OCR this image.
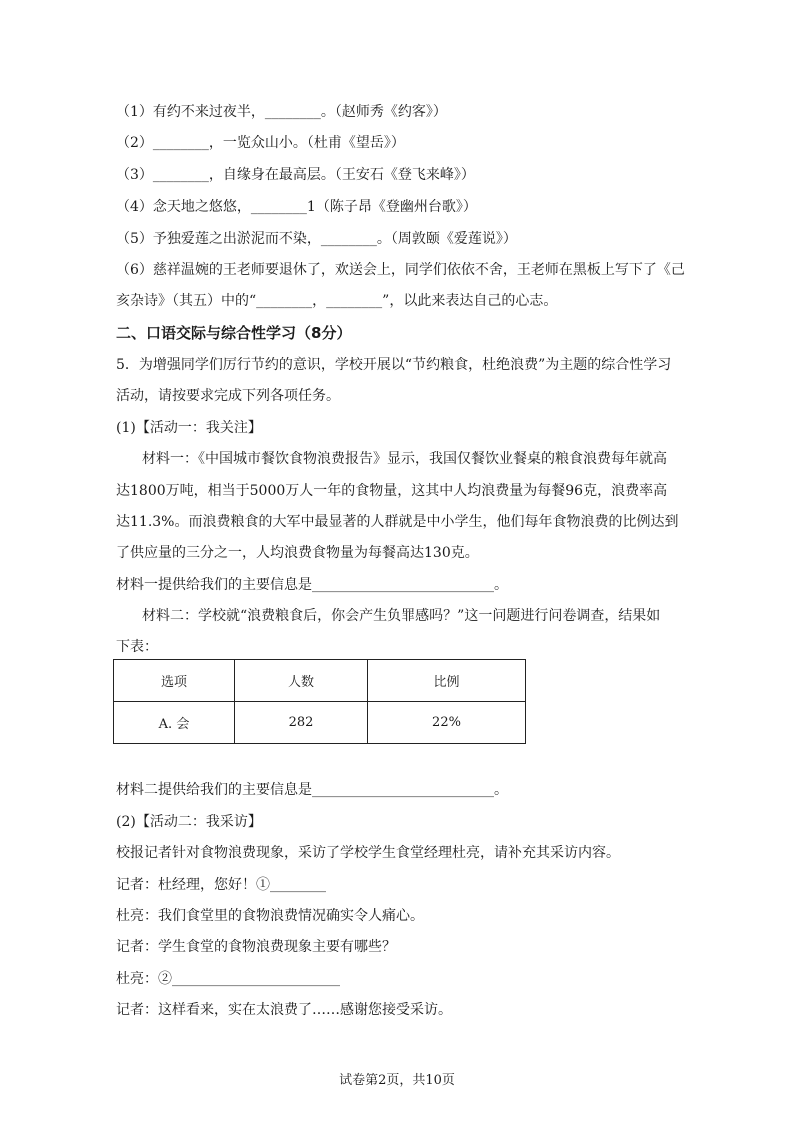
（1）有约不来过夜半，________。（赵师秀《约客》）
（2）________，一览众山小。（杜甫《望岳》）
（3）________，自缘身在最高层。（王安石《登飞来峰》）
（4）念天地之悠悠，________1（陈子昂《登幽州台歌》）
（5）予独爱莲之出淤泥而不染，________。（周敦颐《爱莲说》）
（6）慈祥温婉的王老师要退休了，欢送会上，同学们依依不舍，王老师在黑板上写下了《己
亥杂诗》（其五）中的“________，________”，以此来表达自己的心志。
二、口语交际与综合性学习（8分）
5．为增强同学们厉行节约的意识，学校开展以“节约粮食，杜绝浪费”为主题的综合性学习
活动，请按要求完成下列各项任务。
(1)【活动一：我关注】
材料一：《中国城市餐饮食物浪费报告》显示，我国仅餐饮业餐桌的粮食浪费每年就高
达1800万吨，相当于5000万人一年的食物量，这其中人均浪费量为每餐96克，浪费率高
达11.3%。而浪费粮食的大军中最显著的人群就是中小学生，他们每年食物浪费的比例达到
了供应量的三分之一，人均浪费食物量为每餐高达130克。
材料一提供给我们的主要信息是__________________________。
材料二：学校就“浪费粮食后，你会产生负罪感吗？”这一问题进行问卷调查，结果如
下表：
选项	人数	比例
A. 会	282	22%
材料二提供给我们的主要信息是__________________________。
(2)【活动二：我采访】
校报记者针对食物浪费现象，采访了学校学生食堂经理杜亮，请补充其采访内容。
记者：杜经理，您好！①________
杜亮：我们食堂里的食物浪费情况确实令人痛心。
记者：学生食堂的食物浪费现象主要有哪些？
杜亮：②________________________
记者：这样看来，实在太浪费了……感谢您接受采访。
试卷第2页，共10页
